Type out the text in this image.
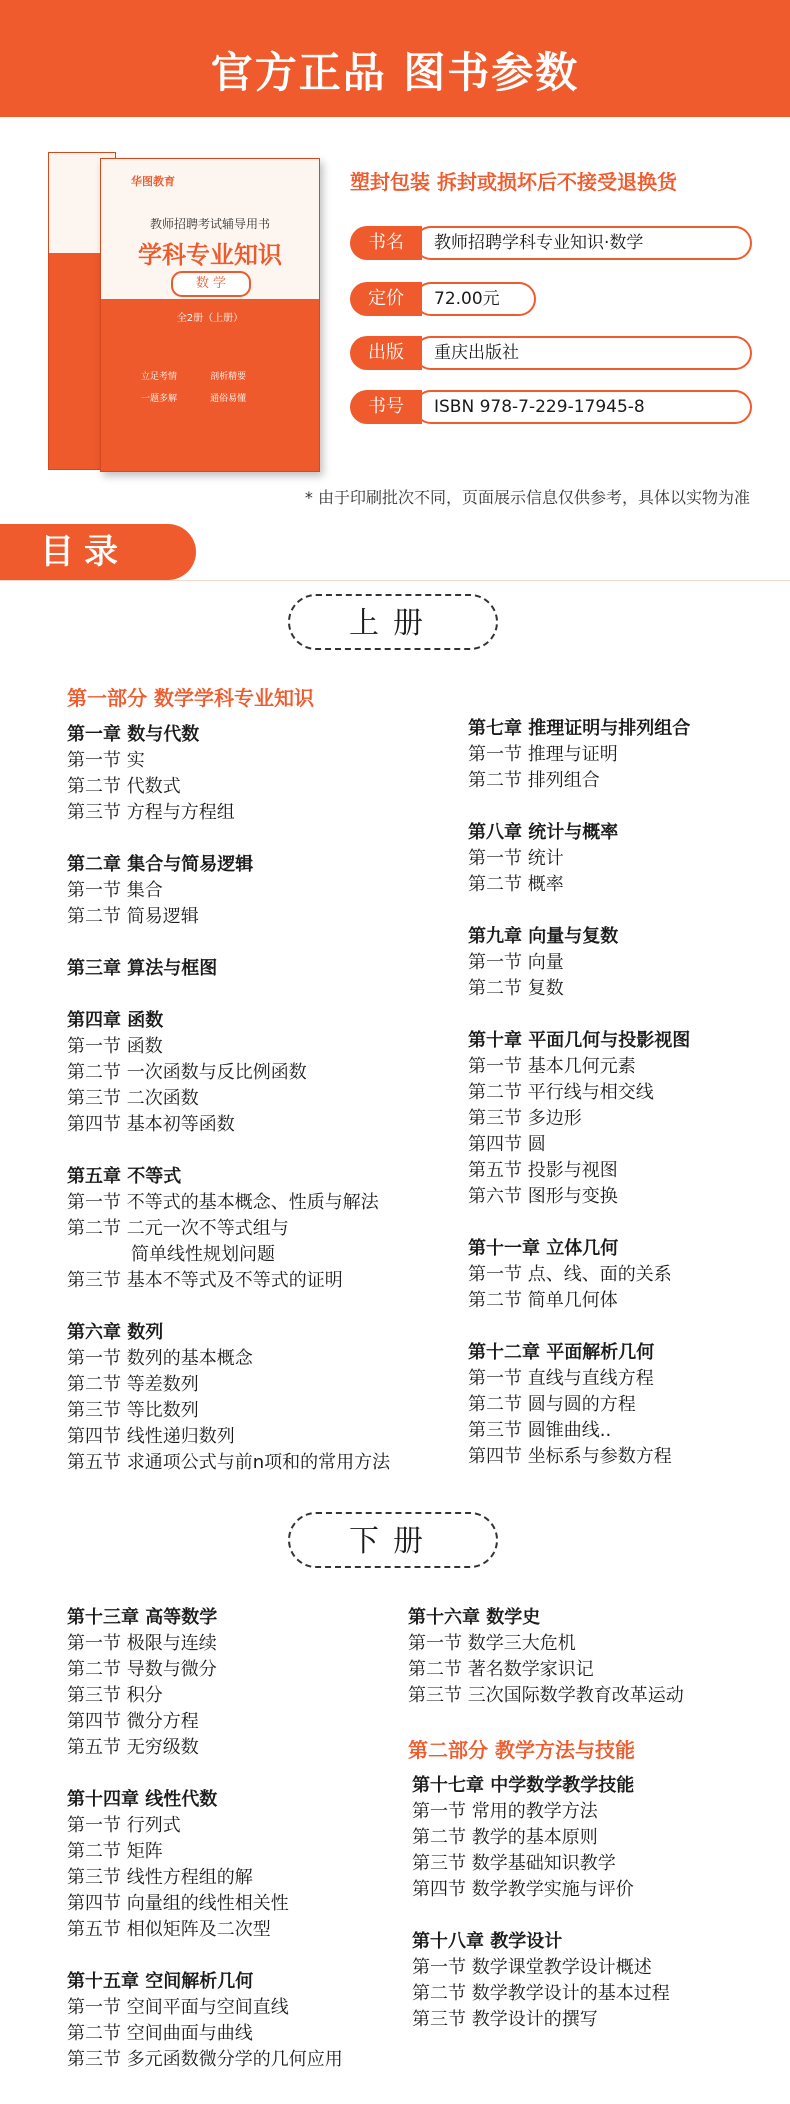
官方正品 图书参数
华图教育
教师招聘考试辅导用书
学科专业知识
数 学
全2册（上册）
立足考情	剖析精要 一题多解	通俗易懂
塑封包装 拆封或损坏后不接受退换货
教师招聘学科专业知识·数学
书名
72.00元
定价
重庆出版社
出版
ISBN 978-7-229-17945-8
书号
* 由于印刷批次不同，页面展示信息仅供参考，具体以实物为准
目录
上册
第一部分 数学学科专业知识
第一章 数与代数
第一节 实
第二节 代数式
第三节 方程与方程组
第二章 集合与简易逻辑
第一节 集合
第二节 简易逻辑
第三章 算法与框图
第四章 函数
第一节 函数
第二节 一次函数与反比例函数
第三节 二次函数
第四节 基本初等函数
第五章 不等式
第一节 不等式的基本概念、性质与解法
第二节 二元一次不等式组与
简单线性规划问题
第三节 基本不等式及不等式的证明
第六章 数列
第一节 数列的基本概念
第二节 等差数列
第三节 等比数列
第四节 线性递归数列
第五节 求通项公式与前n项和的常用方法
第七章 推理证明与排列组合
第一节 推理与证明
第二节 排列组合
第八章 统计与概率
第一节 统计
第二节 概率
第九章 向量与复数
第一节 向量
第二节 复数
第十章 平面几何与投影视图
第一节 基本几何元素
第二节 平行线与相交线
第三节 多边形
第四节 圆
第五节 投影与视图
第六节 图形与变换
第十一章 立体几何
第一节 点、线、面的关系
第二节 简单几何体
第十二章 平面解析几何
第一节 直线与直线方程
第二节 圆与圆的方程
第三节 圆锥曲线..
第四节 坐标系与参数方程
下册
第十三章 高等数学
第一节 极限与连续
第二节 导数与微分
第三节 积分
第四节 微分方程
第五节 无穷级数
第十四章 线性代数
第一节 行列式
第二节 矩阵
第三节 线性方程组的解
第四节 向量组的线性相关性
第五节 相似矩阵及二次型
第十五章 空间解析几何
第一节 空间平面与空间直线
第二节 空间曲面与曲线
第三节 多元函数微分学的几何应用
第十六章 数学史
第一节 数学三大危机
第二节 著名数学家识记
第三节 三次国际数学教育改革运动
第二部分 教学方法与技能
第十七章 中学数学教学技能
第一节 常用的教学方法
第二节 教学的基本原则
第三节 数学基础知识教学
第四节 数学教学实施与评价
第十八章 教学设计
第一节 数学课堂教学设计概述
第二节 数学教学设计的基本过程
第三节 教学设计的撰写
